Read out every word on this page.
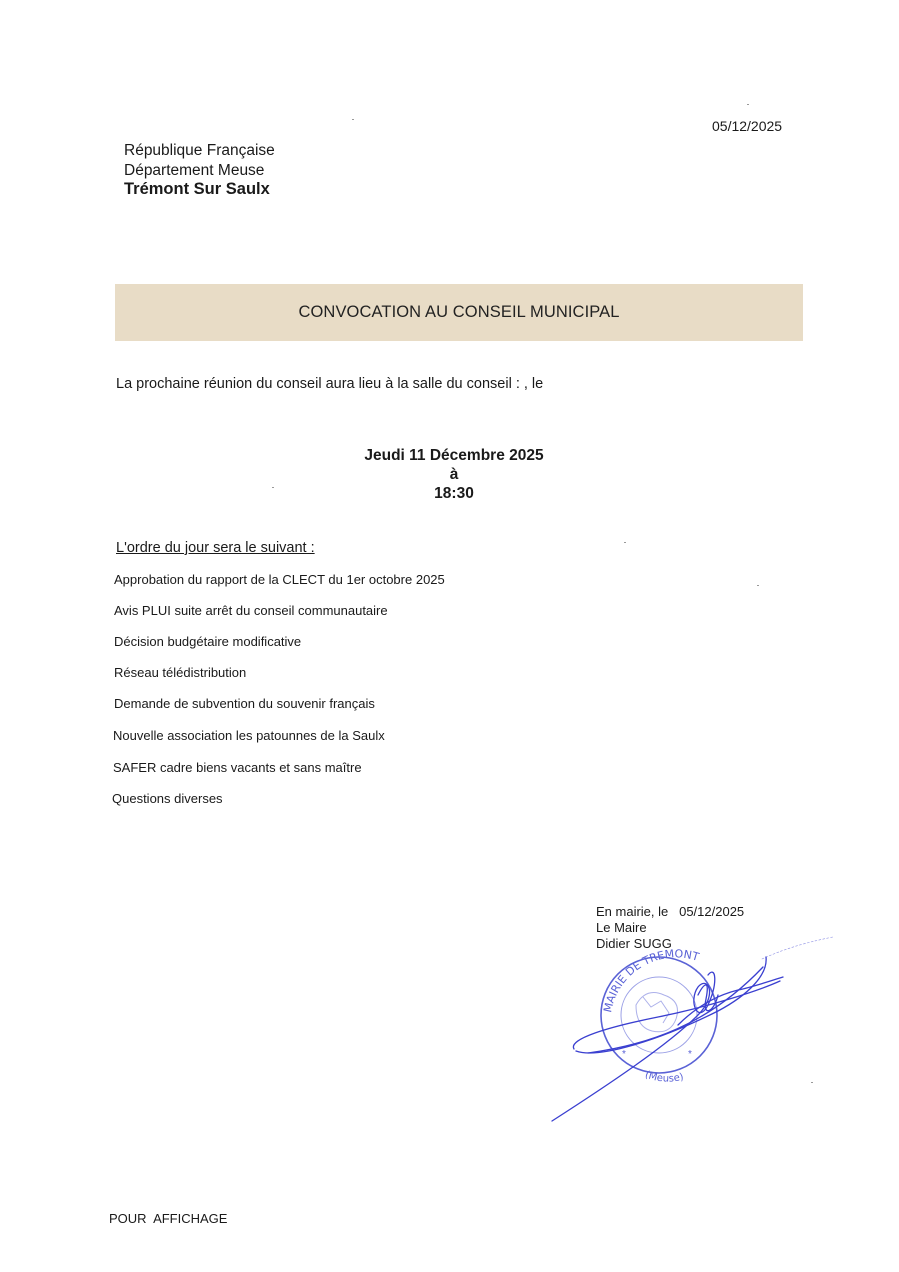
05/12/2025
République Française
Département Meuse
Trémont Sur Saulx
CONVOCATION AU CONSEIL MUNICIPAL
La prochaine réunion du conseil aura lieu à la salle du conseil : , le
Jeudi 11 Décembre 2025
à
18:30
L'ordre du jour sera le suivant :
Approbation du rapport de la CLECT du 1er octobre 2025
Avis PLUI suite arrêt du conseil communautaire
Décision budgétaire modificative
Réseau télédistribution
Demande de subvention du souvenir français
Nouvelle association les patounnes de la Saulx
SAFER cadre biens vacants et sans maître
Questions diverses
En mairie, le   05/12/2025
Le Maire
Didier SUGG
MAIRIE DE TREMONT
(Meuse)
*	*
POUR  AFFICHAGE
